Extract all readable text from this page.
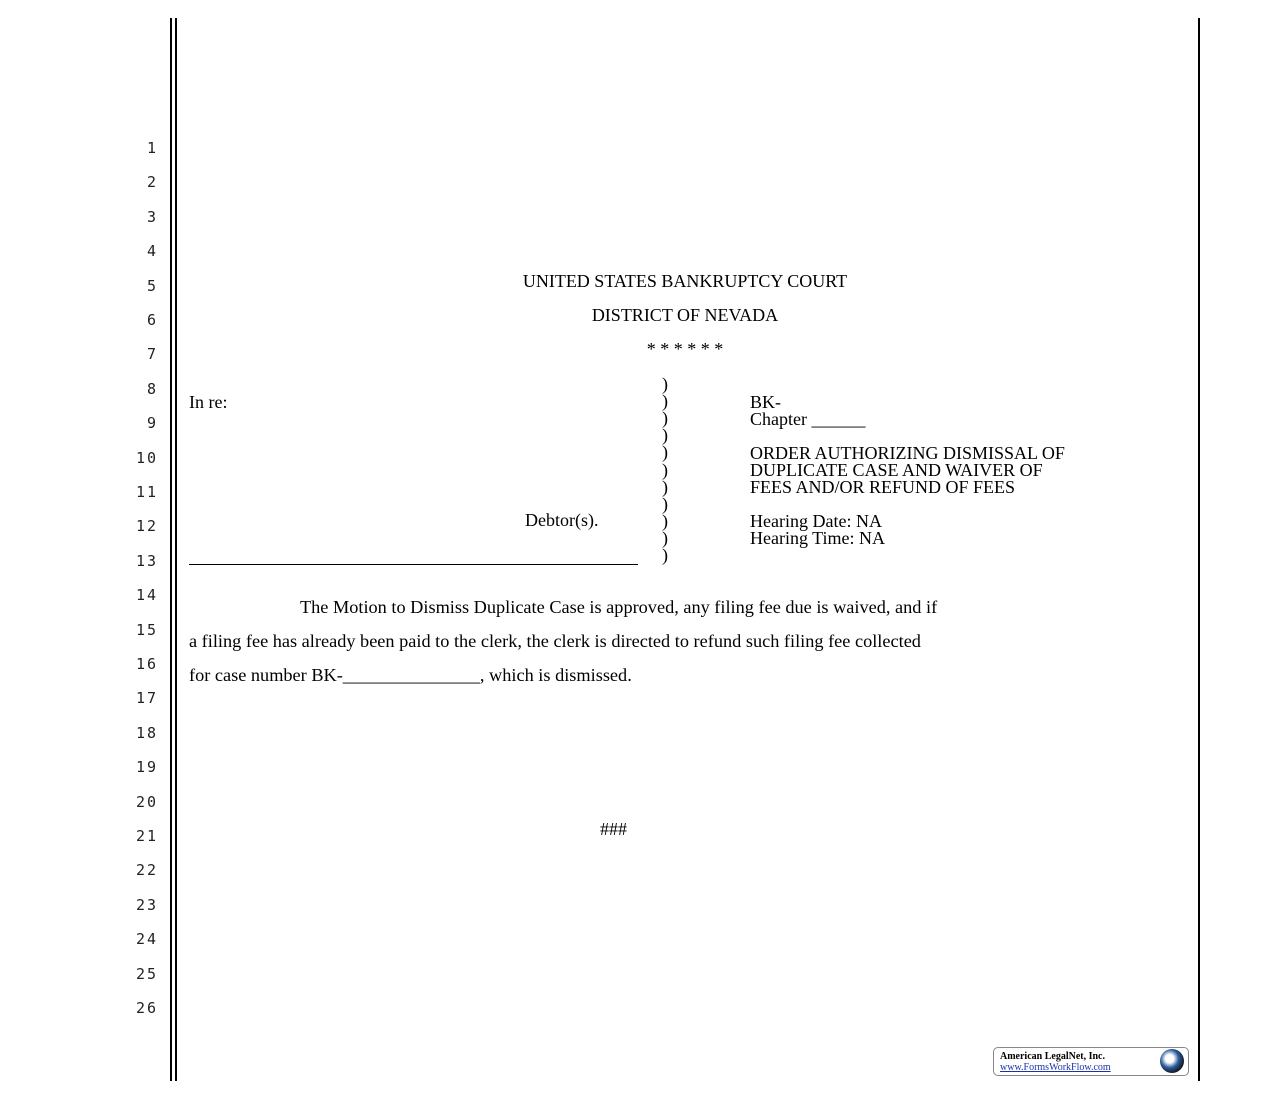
1
2
3
4
5
6
7
8
9
10
11
12
13
14
15
16
17
18
19
20
21
22
23
24
25
26
UNITED STATES BANKRUPTCY COURT
DISTRICT OF NEVADA
* * * * * *
In re:
Debtor(s).
)
)
)
)
)
)
)
)
)
)
)
BK-
Chapter ______
ORDER AUTHORIZING DISMISSAL OF
DUPLICATE CASE AND WAIVER OF
FEES AND/OR REFUND OF FEES
Hearing Date: NA
Hearing Time: NA
The Motion to Dismiss Duplicate Case is approved, any filing fee due is waived, and if
a filing fee has already been paid to the clerk, the clerk is directed to refund such filing fee collected
for case number BK-_______________, which is dismissed.
###
American LegalNet, Inc.
www.FormsWorkFlow.com
